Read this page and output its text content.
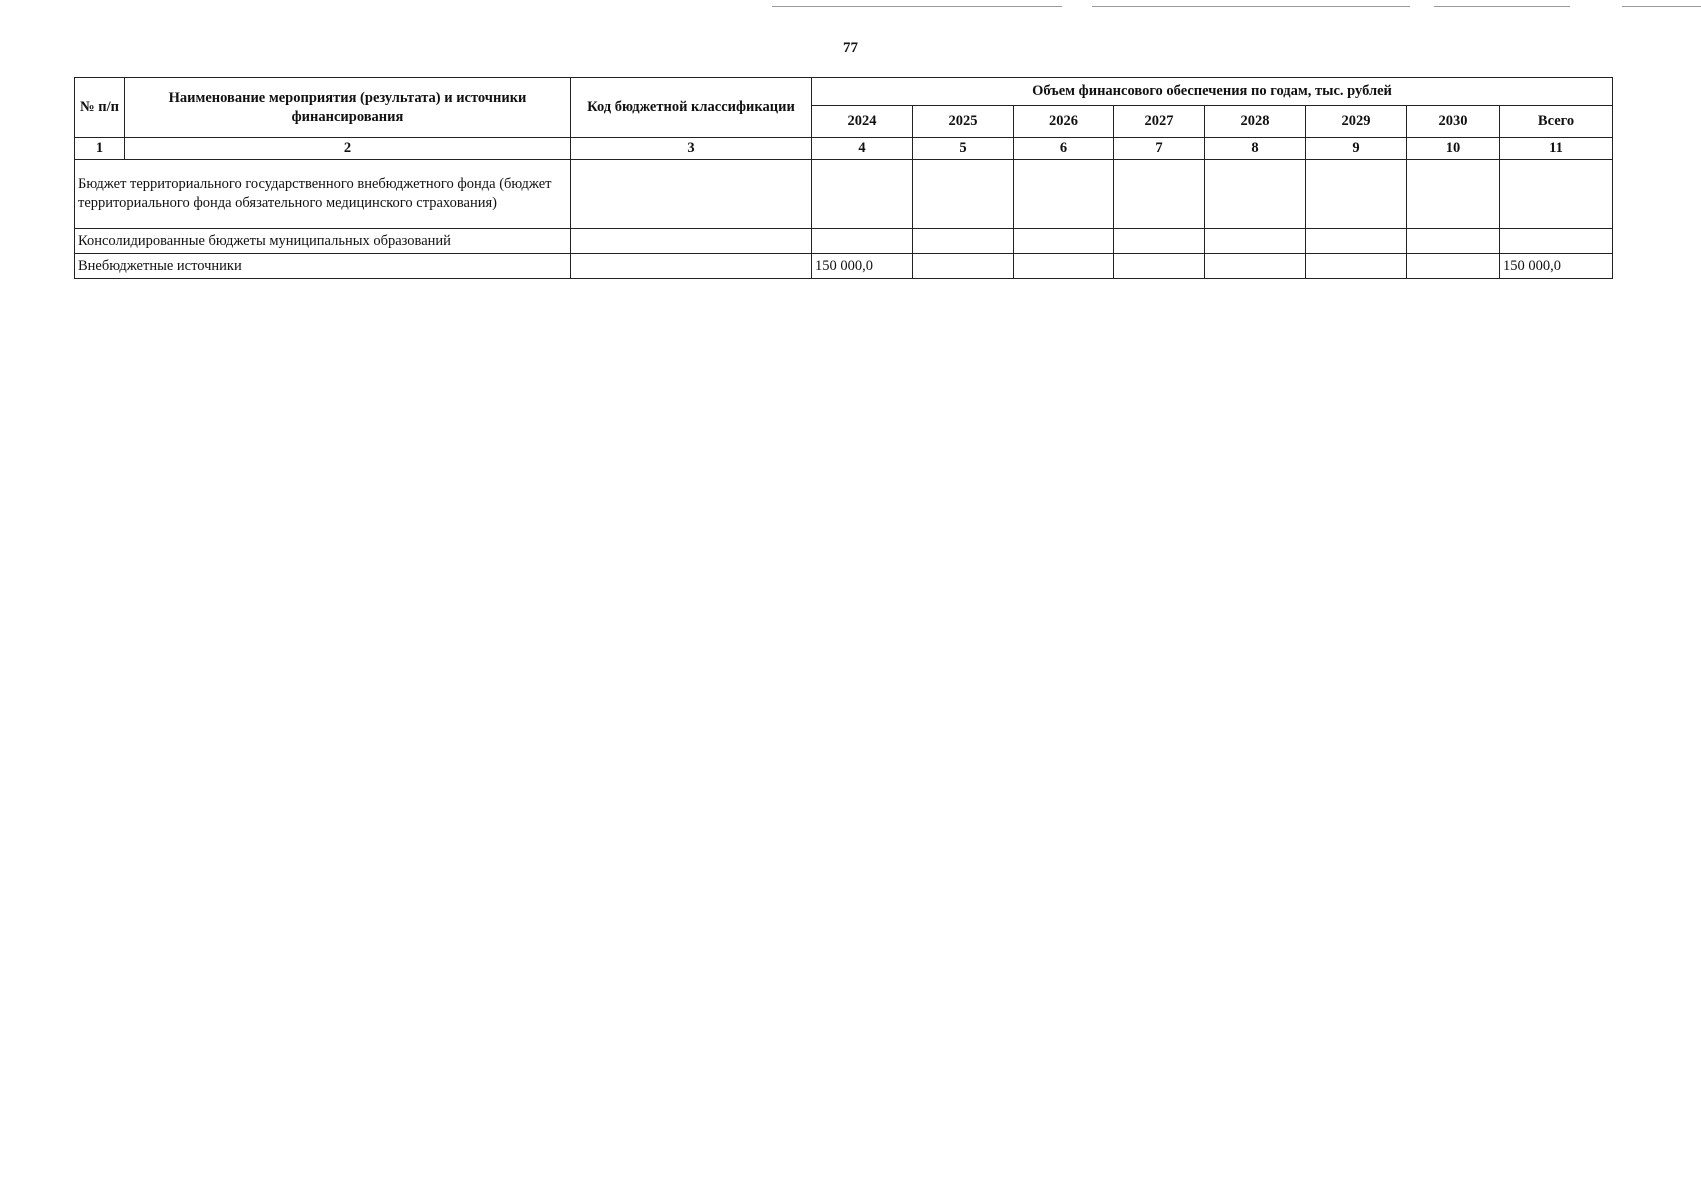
77
№ п/п	Наименование мероприятия (результата) и источники финансирования	Код бюджетной классификации	Объем финансового обеспечения по годам, тыс. рублей							
			2024	2025	2026	2027	2028	2029	2030	Всего
1	2	3	4	5	6	7	8	9	10	11
Бюджет территориального государственного внебюджетного фонда (бюджет территориального фонда обязательного медицинского страхования)										
Консолидированные бюджеты муниципальных образований										
Внебюджетные источники			150 000,0							150 000,0
